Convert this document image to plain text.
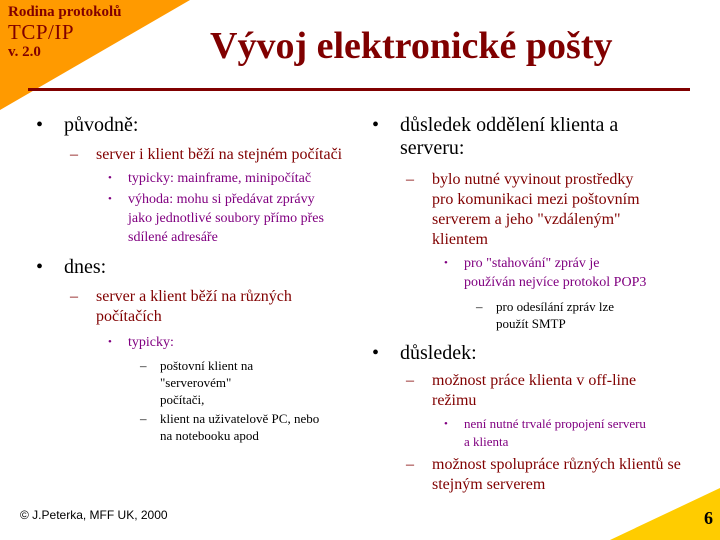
Rodina protokolů
TCP/IP
v. 2.0	Vývoj elektronické pošty
• původně:
– server i klient běží na stejném počítači
• typicky: mainframe, minipočítač
• výhoda: mohu si předávat zprávy jako jednotlivé soubory přímo přes sdílené adresáře
• dnes:
– server a klient běží na různých počítačích
• typicky:
– poštovní klient na "serverovém" počítači,
– klient na uživatelově PC, nebo na notebooku apod
• důsledek oddělení klienta a serveru:
– bylo nutné vyvinout prostředky pro komunikaci mezi poštovním serverem a jeho "vzdáleným" klientem
• pro "stahování" zpráv je používán nejvíce protokol POP3
– pro odesílání zpráv lze použít SMTP
• důsledek:
– možnost práce klienta v off-line režimu
• není nutné trvalé propojení serveru a klienta
– možnost spolupráce různých klientů se stejným serverem
© J.Peterka, MFF UK, 2000	6
